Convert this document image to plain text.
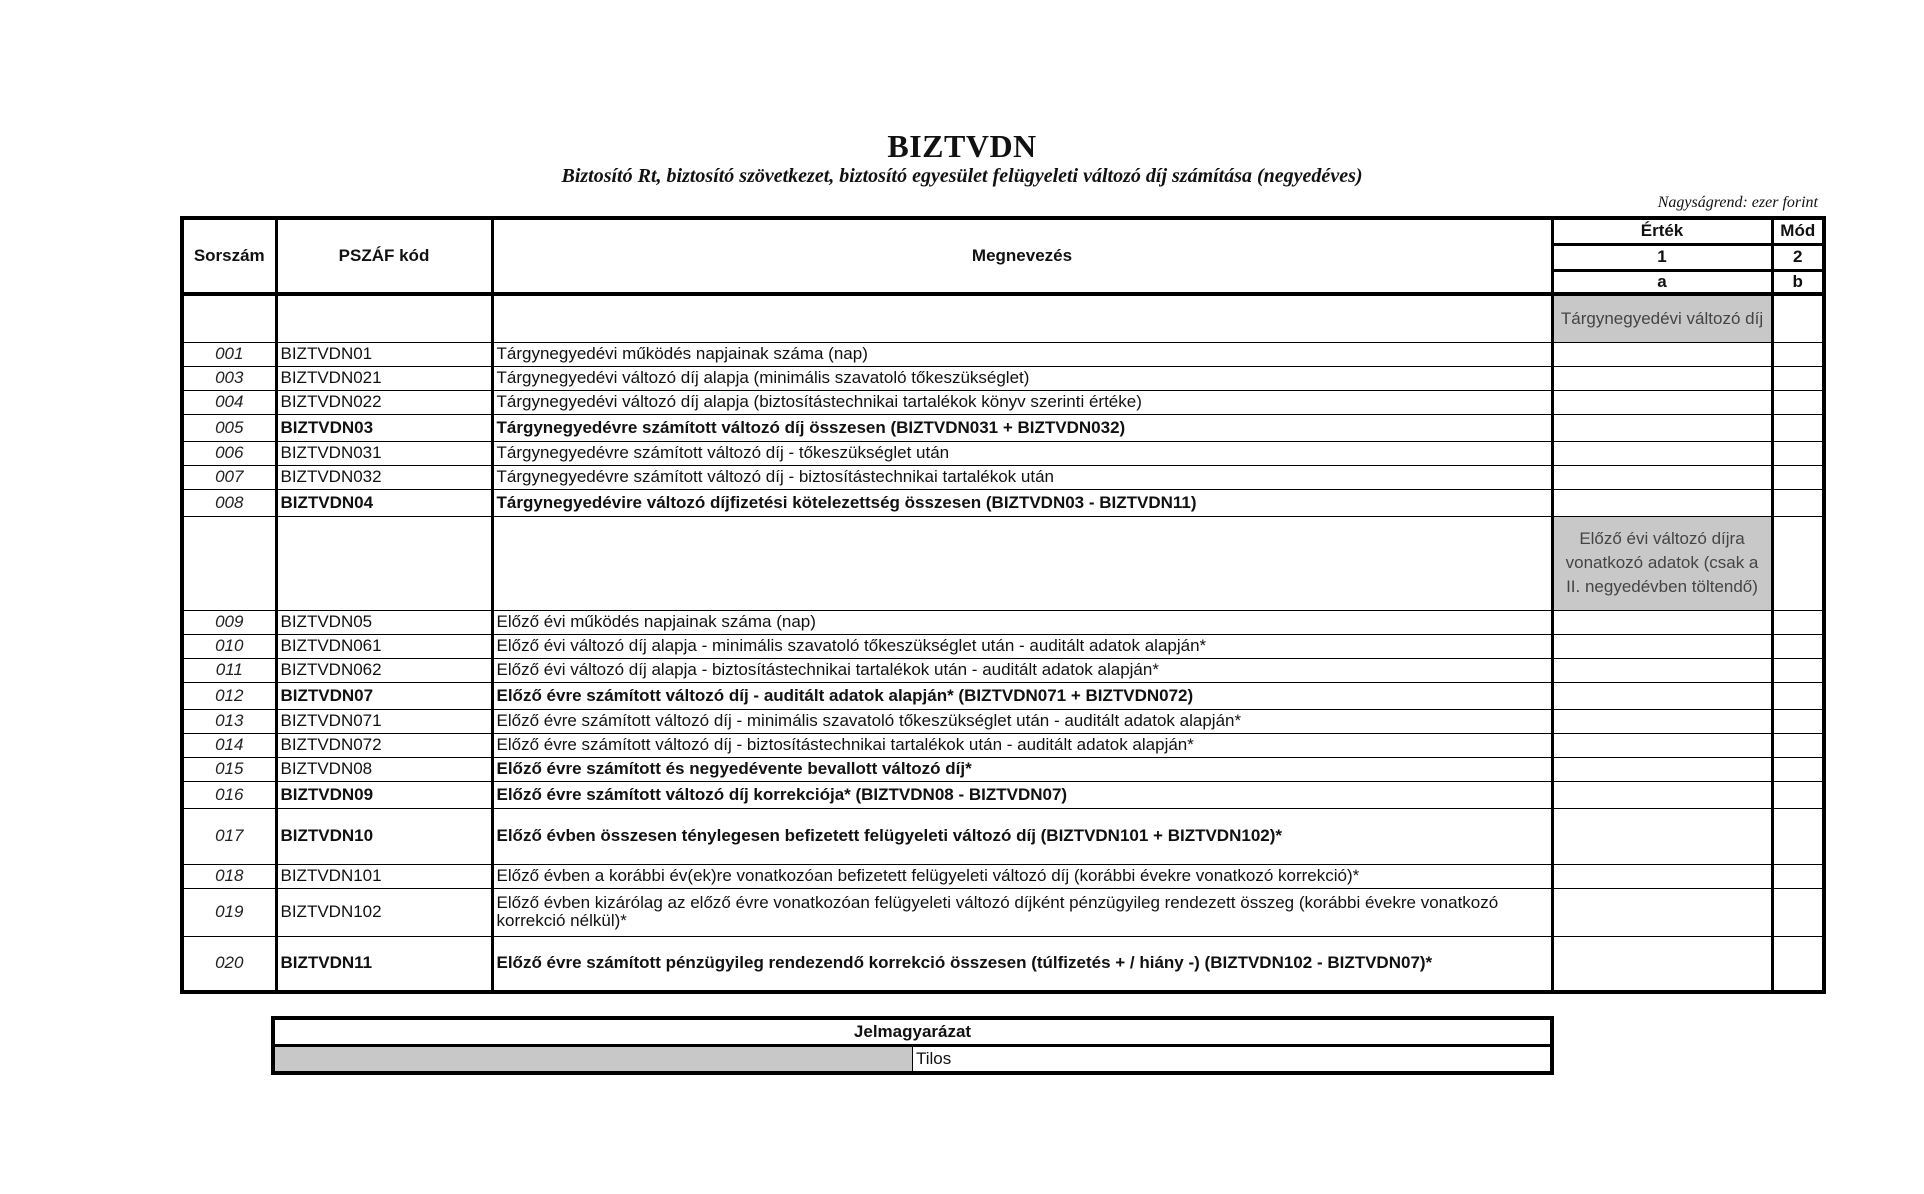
BIZTVDN
Biztosító Rt, biztosító szövetkezet, biztosító egyesület felügyeleti változó díj számítása (negyedéves)
Nagyságrend: ezer forint
Sorszám	PSZÁF kód	Megnevezés	Érték	Mód
			1	2
			a	b
			Tárgynegyedévi változó díj	
001	BIZTVDN01	Tárgynegyedévi működés napjainak száma (nap)		
003	BIZTVDN021	Tárgynegyedévi változó díj alapja (minimális szavatoló tőkeszükséglet)		
004	BIZTVDN022	Tárgynegyedévi változó díj alapja (biztosítástechnikai tartalékok könyv szerinti értéke)		
005	BIZTVDN03	Tárgynegyedévre számított változó díj összesen (BIZTVDN031 + BIZTVDN032)		
006	BIZTVDN031	Tárgynegyedévre számított változó díj - tőkeszükséglet után		
007	BIZTVDN032	Tárgynegyedévre számított változó díj - biztosítástechnikai tartalékok után		
008	BIZTVDN04	Tárgynegyedévire változó díjfizetési kötelezettség összesen (BIZTVDN03 - BIZTVDN11)		
			Előző évi változó díjra vonatkozó adatok (csak a II. negyedévben töltendő)	
009	BIZTVDN05	Előző évi működés napjainak száma (nap)		
010	BIZTVDN061	Előző évi változó díj alapja - minimális szavatoló tőkeszükséglet után - auditált adatok alapján*		
011	BIZTVDN062	Előző évi változó díj alapja - biztosítástechnikai tartalékok után - auditált adatok alapján*		
012	BIZTVDN07	Előző évre számított változó díj - auditált adatok alapján* (BIZTVDN071 + BIZTVDN072)		
013	BIZTVDN071	Előző évre számított változó díj - minimális szavatoló tőkeszükséglet után - auditált adatok alapján*		
014	BIZTVDN072	Előző évre számított változó díj - biztosítástechnikai tartalékok után - auditált adatok alapján*		
015	BIZTVDN08	Előző évre számított és negyedévente bevallott változó díj*		
016	BIZTVDN09	Előző évre számított változó díj korrekciója* (BIZTVDN08 - BIZTVDN07)		
017	BIZTVDN10	Előző évben összesen ténylegesen befizetett felügyeleti változó díj (BIZTVDN101 + BIZTVDN102)*		
018	BIZTVDN101	Előző évben a korábbi év(ek)re vonatkozóan befizetett felügyeleti változó díj (korábbi évekre vonatkozó korrekció)*		
019	BIZTVDN102	Előző évben kizárólag az előző évre vonatkozóan felügyeleti változó díjként pénzügyileg rendezett összeg (korábbi évekre vonatkozó korrekció nélkül)*		
020	BIZTVDN11	Előző évre számított pénzügyileg rendezendő korrekció összesen (túlfizetés + / hiány -) (BIZTVDN102 - BIZTVDN07)*		
Jelmagyarázat
	Tilos
